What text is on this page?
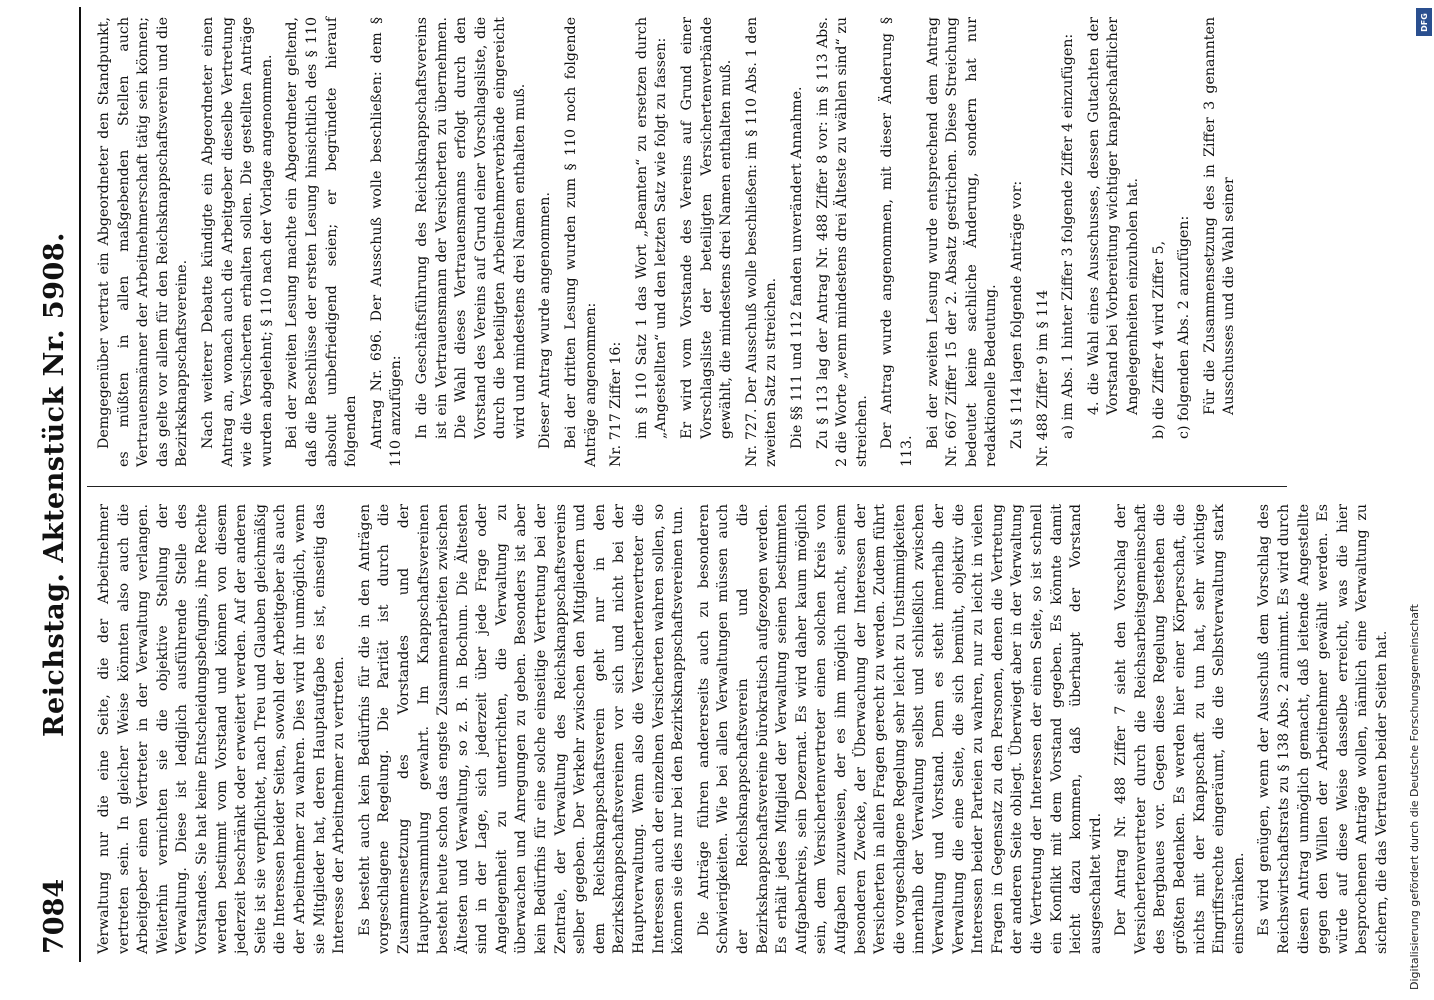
7084
Reichstag. Aktenstück Nr. 5908. Verwaltung nur die eine Seite, die der Arbeitnehmer vertreten sein. In gleicher Weise könnten also auch die Arbeitgeber einen Vertreter in der Verwaltung verlangen. Weiterhin vernichten sie die objektive Stellung der Verwaltung. Diese ist lediglich ausführende Stelle des Vorstandes. Sie hat keine Entscheidungsbefugnis, ihre Rechte werden bestimmt vom Vorstand und können von diesem jederzeit beschränkt oder erweitert werden. Auf der anderen Seite ist sie verpflichtet, nach Treu und Glauben gleichmäßig die Interessen beider Seiten, sowohl der Arbeitgeber als auch der Arbeitnehmer zu wahren. Dies wird ihr unmöglich, wenn sie Mitglieder hat, deren Hauptaufgabe es ist, einseitig das Interesse der Arbeitnehmer zu vertreten. Es besteht auch kein Bedürfnis für die in den Anträgen vorgeschlagene Regelung. Die Parität ist durch die Zusammensetzung des Vorstandes und der Hauptversammlung gewahrt. Im Knappschaftsvereinen besteht heute schon das engste Zusammenarbeiten zwischen Ältesten und Verwaltung, so z. B. in Bochum. Die Ältesten sind in der Lage, sich jederzeit über jede Frage oder Angelegenheit zu unterrichten, die Verwaltung zu überwachen und Anregungen zu geben. Besonders ist aber kein Bedürfnis für eine solche einseitige Vertretung bei der Zentrale, der Verwaltung des Reichsknappschaftsvereins selber gegeben. Der Verkehr zwischen den Mitgliedern und dem Reichsknappschaftsverein geht nur in den Bezirksknappschaftsvereinen vor sich und nicht bei der Hauptverwaltung. Wenn also die Versichertenvertreter die Interessen auch der einzelnen Versicherten wahren sollen, so können sie dies nur bei den Bezirksknappschaftsvereinen tun. Die Anträge führen andererseits auch zu besonderen Schwierigkeiten. Wie bei allen Verwaltungen müssen auch der Reichsknappschaftsverein und die Bezirksknappschaftsvereine bürokratisch aufgezogen werden. Es erhält jedes Mitglied der Verwaltung seinen bestimmten Aufgabenkreis, sein Dezernat. Es wird daher kaum möglich sein, dem Versichertenvertreter einen solchen Kreis von Aufgaben zuzuweisen, der es ihm möglich macht, seinem besonderen Zwecke, der Überwachung der Interessen der Versicherten in allen Fragen gerecht zu werden. Zudem führt die vorgeschlagene Regelung sehr leicht zu Unstimmigkeiten innerhalb der Verwaltung selbst und schließlich zwischen Verwaltung und Vorstand. Denn es steht innerhalb der Verwaltung die eine Seite, die sich bemüht, objektiv die Interessen beider Parteien zu wahren, nur zu leicht in vielen Fragen in Gegensatz zu den Personen, denen die Vertretung der anderen Seite obliegt. Überwiegt aber in der Verwaltung die Vertretung der Interessen der einen Seite, so ist schnell ein Konflikt mit dem Vorstand gegeben. Es könnte damit leicht dazu kommen, daß überhaupt der Vorstand ausgeschaltet wird. Der Antrag Nr. 488 Ziffer 7 sieht den Vorschlag der Versichertenvertreter durch die Reichsarbeitsgemeinschaft des Bergbaues vor. Gegen diese Regelung bestehen die größten Bedenken. Es werden hier einer Körperschaft, die nichts mit der Knappschaft zu tun hat, sehr wichtige Eingriffsrechte eingeräumt, die die Selbstverwaltung stark einschränken. Es wird genügen, wenn der Ausschuß dem Vorschlag des Reichswirtschaftsrats zu § 138 Abs. 2 annimmt. Es wird durch diesen Antrag unmöglich gemacht, daß leitende Angestellte gegen den Willen der Arbeitnehmer gewählt werden. Es würde auf diese Weise dasselbe erreicht, was die hier besprochenen Anträge wollen, nämlich eine Verwaltung zu sichern, die das Vertrauen beider Seiten hat.

Demgegenüber vertrat ein Abgeordneter den Standpunkt, es müßten in allen maßgebenden Stellen auch Vertrauensmänner der Arbeitnehmerschaft tätig sein können; das gelte vor allem für den Reichsknappschaftsverein und die Bezirksknappschaftsvereine. Nach weiterer Debatte kündigte ein Abgeordneter einen Antrag an, wonach auch die Arbeitgeber dieselbe Vertretung wie die Versicherten erhalten sollen. Die gestellten Anträge wurden abgelehnt; § 110 nach der Vorlage angenommen. Bei der zweiten Lesung machte ein Abgeordneter geltend, daß die Beschlüsse der ersten Lesung hinsichtlich des § 110 absolut unbefriedigend seien; er begründete hierauf folgenden Antrag Nr. 696. Der Ausschuß wolle beschließen: dem § 110 anzufügen: In die Geschäftsführung des Reichsknappschaftsvereins ist ein Vertrauensmann der Versicherten zu übernehmen. Die Wahl dieses Vertrauensmanns erfolgt durch den Vorstand des Vereins auf Grund einer Vorschlagsliste, die durch die beteiligten Arbeitnehmerverbände eingereicht wird und mindestens drei Namen enthalten muß. Dieser Antrag wurde angenommen. Bei der dritten Lesung wurden zum § 110 noch folgende Anträge angenommen: Nr. 717 Ziffer 16: im § 110 Satz 1 das Wort „Beamten“ zu ersetzen durch „Angestellten“ und den letzten Satz wie folgt zu fassen: Er wird vom Vorstande des Vereins auf Grund einer Vorschlagsliste der beteiligten Versichertenverbände gewählt, die mindestens drei Namen enthalten muß. Nr. 727. Der Ausschuß wolle beschließen: im § 110 Abs. 1 den zweiten Satz zu streichen. Die §§ 111 und 112 fanden unverändert Annahme. Zu § 113 lag der Antrag Nr. 488 Ziffer 8 vor: im § 113 Abs. 2 die Worte „wenn mindestens drei Älteste zu wählen sind“ zu streichen. Der Antrag wurde angenommen, mit dieser Änderung § 113.

Bei der zweiten Lesung wurde entsprechend dem Antrag Nr. 667 Ziffer 15 der 2. Absatz gestrichen. Diese Streichung bedeutet keine sachliche Änderung, sondern hat nur redaktionelle Bedeutung. Zu § 114 lagen folgende Anträge vor: Nr. 488 Ziffer 9 im § 114 a) im Abs. 1 hinter Ziffer 3 folgende Ziffer 4 einzufügen: 4. die Wahl eines Ausschusses, dessen Gutachten der Vorstand bei Vorbereitung wichtiger knappschaftlicher Angelegenheiten einzuholen hat. b) die Ziffer 4 wird Ziffer 5, c) folgenden Abs. 2 anzufügen: Für die Zusammensetzung des in Ziffer 3 genannten Ausschusses und die Wahl seiner

DFG
Digitalisierung gefördert durch die Deutsche Forschungsgemeinschaft
